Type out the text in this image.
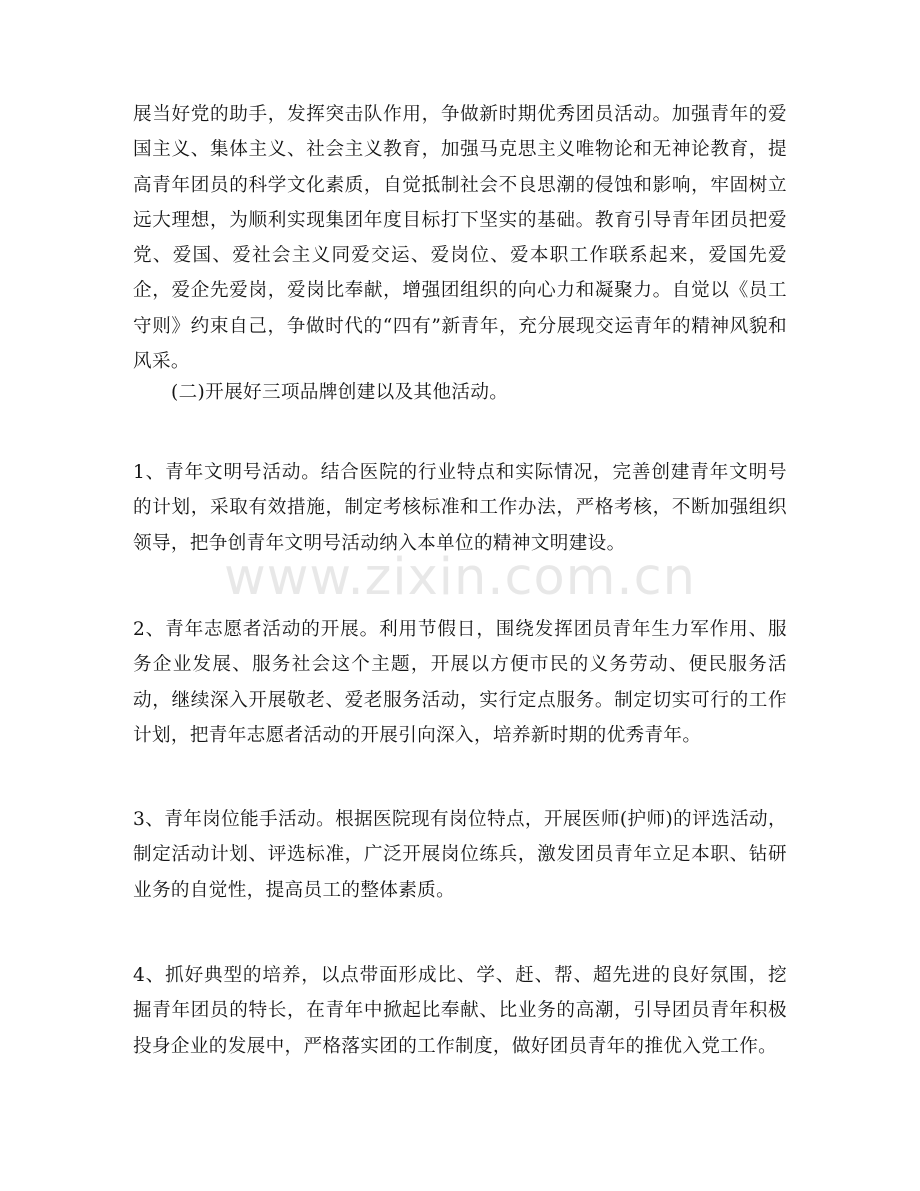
展当好党的助手，发挥突击队作用，争做新时期优秀团员活动。加强青年的爱国主义、集体主义、社会主义教育，加强马克思主义唯物论和无神论教育，提高青年团员的科学文化素质，自觉抵制社会不良思潮的侵蚀和影响，牢固树立远大理想，为顺利实现集团年度目标打下坚实的基础。教育引导青年团员把爱党、爱国、爱社会主义同爱交运、爱岗位、爱本职工作联系起来，爱国先爱企，爱企先爱岗，爱岗比奉献，增强团组织的向心力和凝聚力。自觉以《员工守则》约束自己，争做时代的“四有”新青年，充分展现交运青年的精神风貌和风采。

(二)开展好三项品牌创建以及其他活动。

1、青年文明号活动。结合医院的行业特点和实际情况，完善创建青年文明号的计划，采取有效措施，制定考核标准和工作办法，严格考核，不断加强组织领导，把争创青年文明号活动纳入本单位的精神文明建设。

2、青年志愿者活动的开展。利用节假日，围绕发挥团员青年生力军作用、服务企业发展、服务社会这个主题，开展以方便市民的义务劳动、便民服务活动，继续深入开展敬老、爱老服务活动，实行定点服务。制定切实可行的工作计划，把青年志愿者活动的开展引向深入，培养新时期的优秀青年。

3、青年岗位能手活动。根据医院现有岗位特点，开展医师(护师)的评选活动，制定活动计划、评选标准，广泛开展岗位练兵，激发团员青年立足本职、钻研业务的自觉性，提高员工的整体素质。

4、抓好典型的培养，以点带面形成比、学、赶、帮、超先进的良好氛围，挖掘青年团员的特长，在青年中掀起比奉献、比业务的高潮，引导团员青年积极投身企业的发展中，严格落实团的工作制度，做好团员青年的推优入党工作。

www.zixin.com.cn
